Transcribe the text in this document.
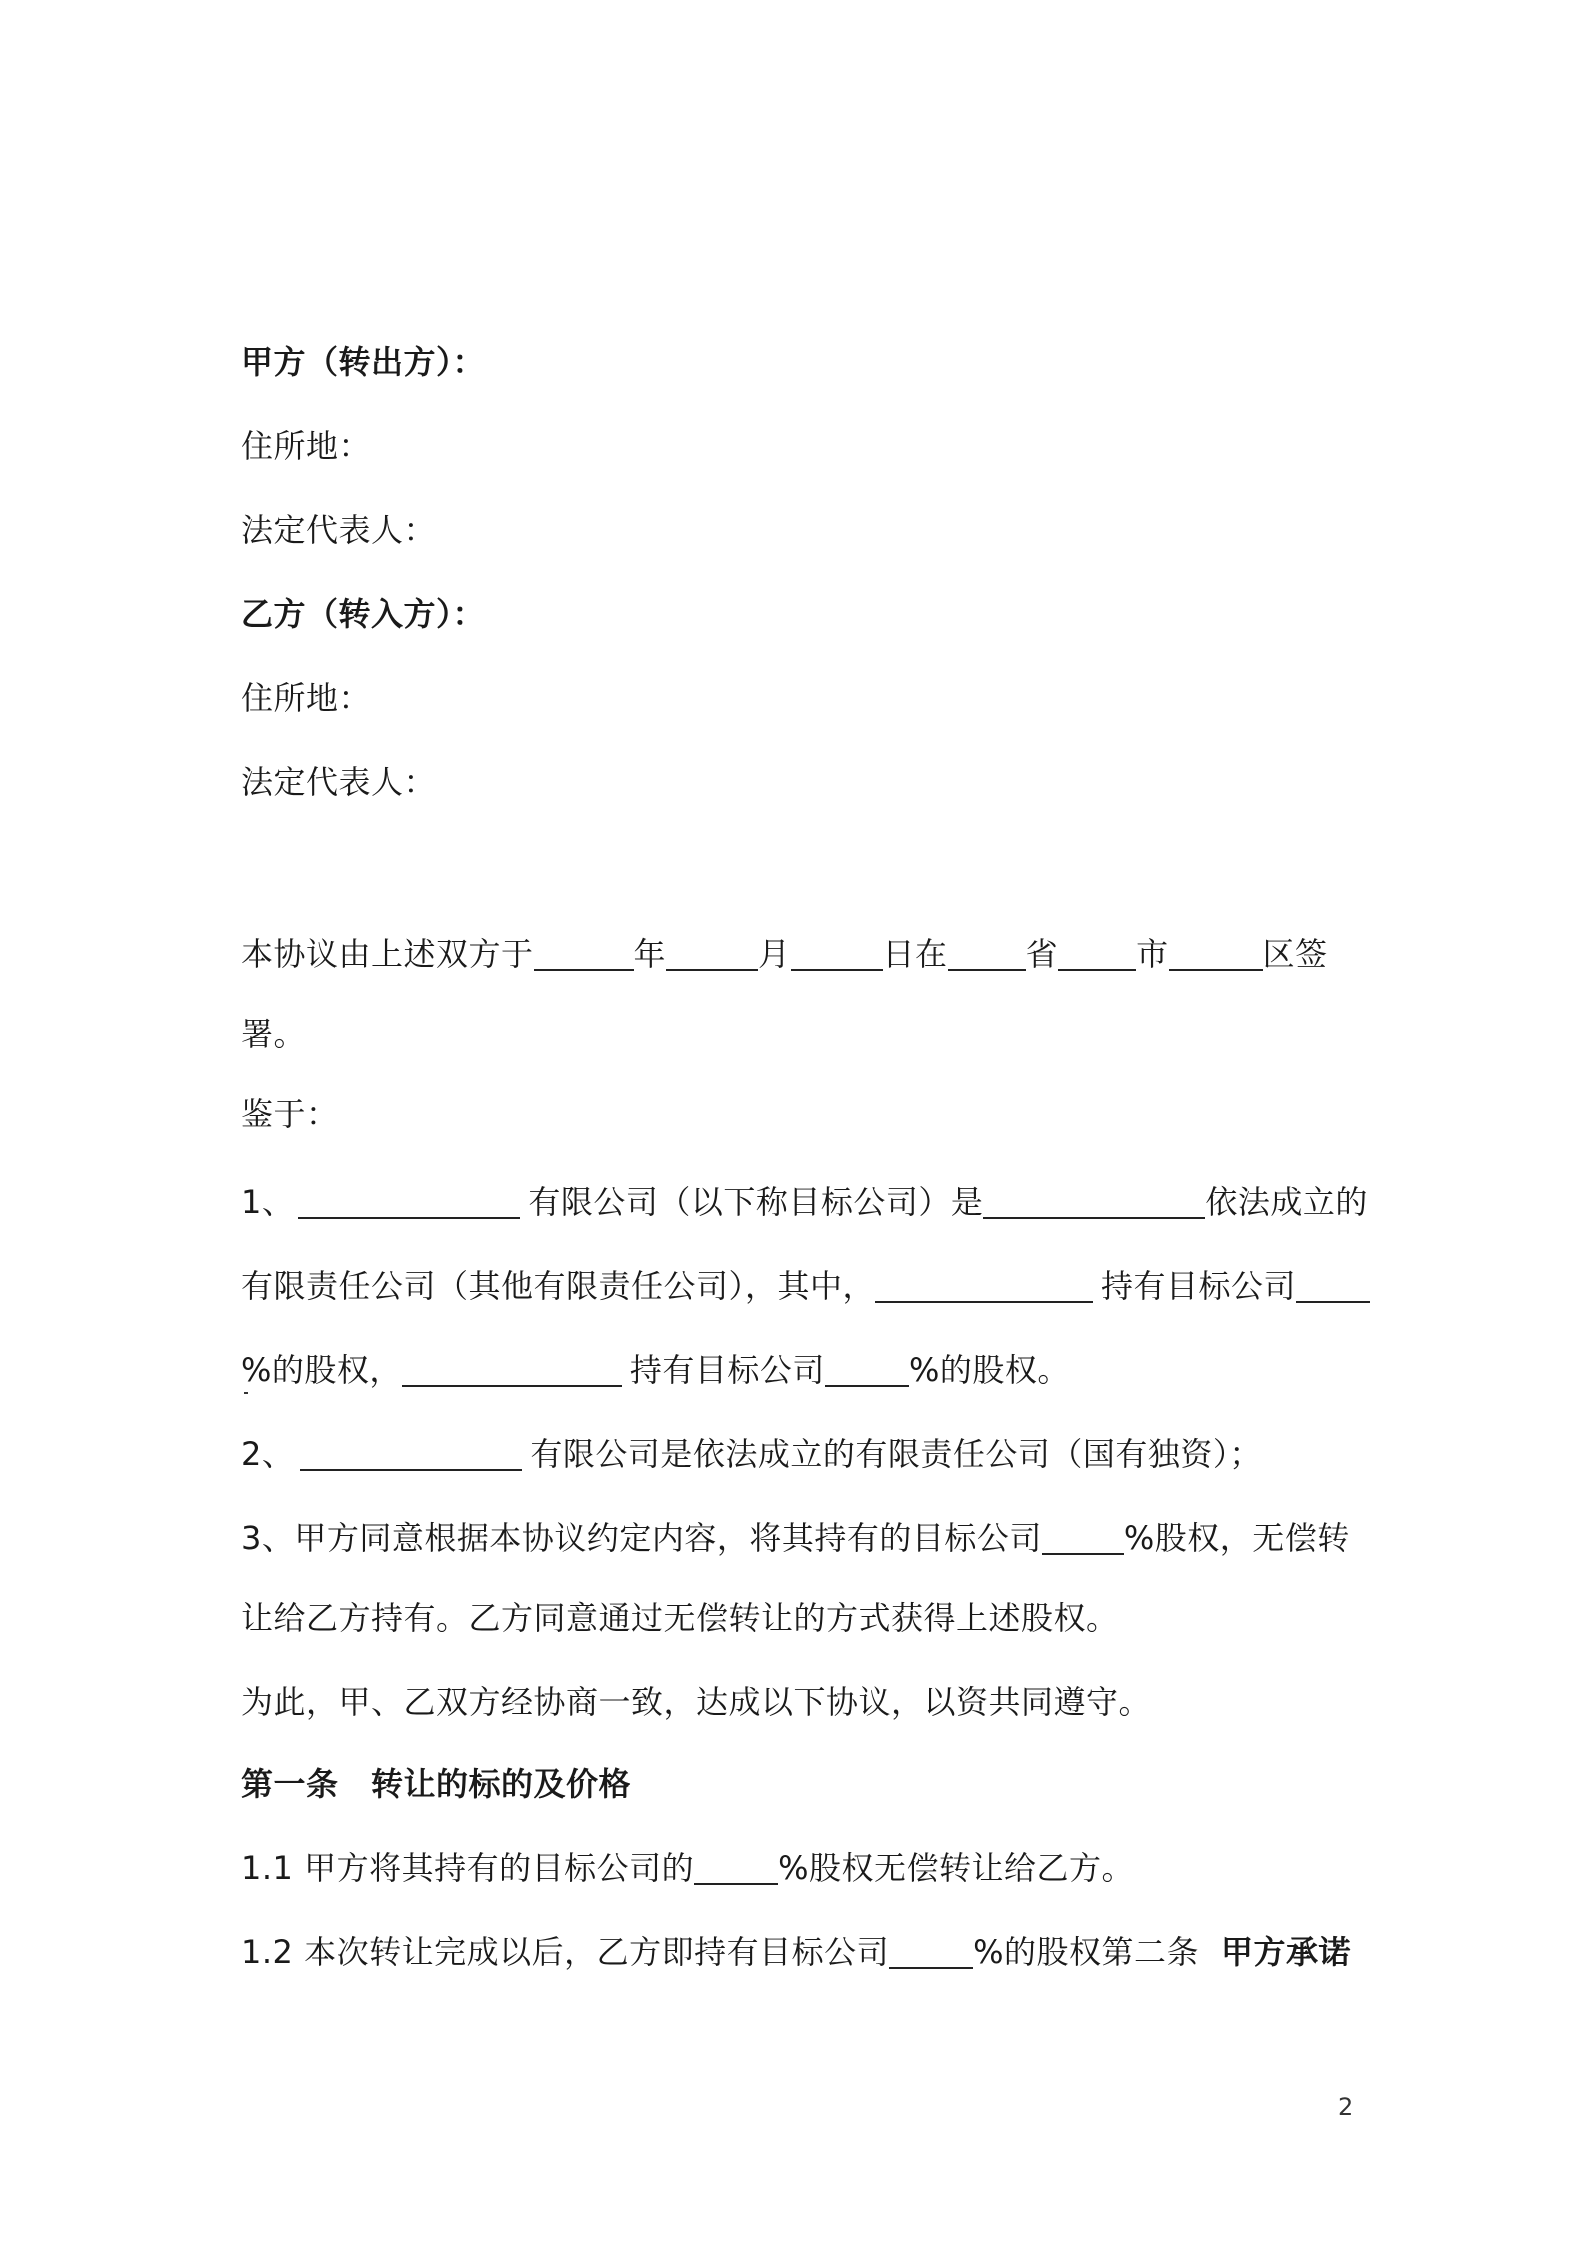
甲方（转出方）：
住所地：
法定代表人：
乙方（转入方）：
住所地：
法定代表人：
本协议由上述双方于	年	月	日在 省 市	区签
署。
鉴于：
1、	有限公司（以下称目标公司）是	依法成立的
有限责任公司（其他有限责任公司），其中，	持有目标公司
%的股权，	持有目标公司	%的股权。
2、	有限公司是依法成立的有限责任公司（国有独资）；
3、甲方同意根据本协议约定内容，将其持有的目标公司	%股权，无偿转
让给乙方持有。乙方同意通过无偿转让的方式获得上述股权。
为此，甲、乙双方经协商一致，达成以下协议，以资共同遵守。
第一条　转让的标的及价格
1.1 甲方将其持有的目标公司的	%股权无偿转让给乙方。
1.2 本次转让完成以后，乙方即持有目标公司	%的股权第二条 甲方承诺
2
